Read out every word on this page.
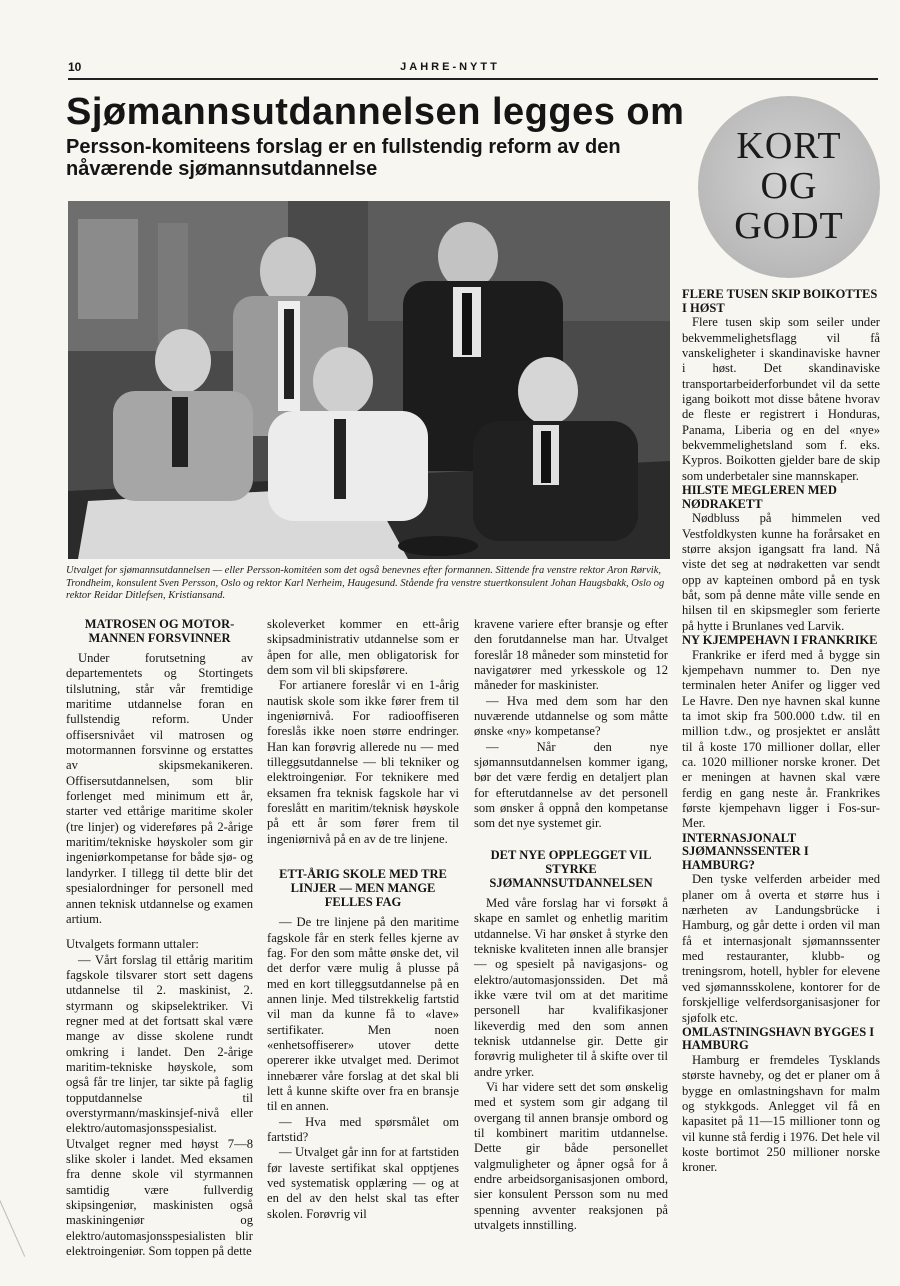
10	JAHRE-NYTT
Sjømannsutdannelsen legges om
Persson-komiteens forslag er en fullstendig reform av den nåværende sjømannsutdannelse

Utvalget for sjømannsutdannelsen — eller Persson-komitéen som det også benevnes efter formannen. Sittende fra venstre rektor Aron Rørvik, Trondheim, konsulent Sven Persson, Oslo og rektor Karl Nerheim, Haugesund. Stående fra venstre stuertkonsulent Johan Haugsbakk, Oslo og rektor Reidar Ditlefsen, Kristiansand.

KORT
OG
GODT
MATROSEN OG MOTOR-MANNEN FORSVINNER

Under forutsetning av departementets og Stortingets tilslutning, står vår fremtidige maritime utdannelse foran en fullstendig reform. Under offisersnivået vil matrosen og motormannen forsvinne og erstattes av skipsmekanikeren. Offisersutdannelsen, som blir forlenget med minimum ett år, starter ved ettårige maritime skoler (tre linjer) og videreføres på 2-årige maritim/tekniske høyskoler som gir ingeniørkompetanse for både sjø- og landyrker. I tillegg til dette blir det spesialordninger for personell med annen teknisk utdannelse og examen artium.

Utvalgets formann uttaler:

— Vårt forslag til ettårig maritim fagskole tilsvarer stort sett dagens utdannelse til 2. maskinist, 2. styrmann og skipselektriker. Vi regner med at det fortsatt skal være mange av disse skolene rundt omkring i landet. Den 2-årige maritim-tekniske høyskole, som også får tre linjer, tar sikte på faglig topputdannelse til overstyrmann/maskinsjef-nivå eller elektro/automasjonsspesialist. Utvalget regner med høyst 7—8 slike skoler i landet. Med eksamen fra denne skole vil styrmannen samtidig være fullverdig skipsingeniør, maskinisten også maskiningeniør og elektro/automasjonsspesialisten blir elektroingeniør. Som toppen på dette

skoleverket kommer en ett-årig skipsadministrativ utdannelse som er åpen for alle, men obligatorisk for dem som vil bli skipsførere.

For artianere foreslår vi en 1-årig nautisk skole som ikke fører frem til ingeniørnivå. For radiooffiseren foreslås ikke noen større endringer. Han kan forøvrig allerede nu — med tilleggsutdannelse — bli tekniker og elektroingeniør. For teknikere med eksamen fra teknisk fagskole har vi foreslått en maritim/teknisk høyskole på ett år som fører frem til ingeniørnivå på en av de tre linjene.

ETT-ÅRIG SKOLE MED TRE LINJER — MEN MANGE FELLES FAG

— De tre linjene på den maritime fagskole får en sterk felles kjerne av fag. For den som måtte ønske det, vil det derfor være mulig å plusse på med en kort tilleggsutdannelse på en annen linje. Med tilstrekkelig fartstid vil man da kunne få to «lave» sertifikater. Men noen «enhetsoffiserer» utover dette opererer ikke utvalget med. Derimot innebærer våre forslag at det skal bli lett å kunne skifte over fra en bransje til en annen.

— Hva med spørsmålet om fartstid?

— Utvalget går inn for at fartstiden før laveste sertifikat skal opptjenes ved systematisk opplæring — og at en del av den helst skal tas efter skolen. Forøvrig vil

kravene variere efter bransje og efter den forutdannelse man har. Utvalget foreslår 18 måneder som minstetid for navigatører med yrkesskole og 12 måneder for maskinister.

— Hva med dem som har den nuværende utdannelse og som måtte ønske «ny» kompetanse?

— Når den nye sjømannsutdannelsen kommer igang, bør det være ferdig en detaljert plan for efterutdannelse av det personell som ønsker å oppnå den kompetanse som det nye systemet gir.

DET NYE OPPLEGGET VIL STYRKE SJØMANNSUTDANNELSEN

Med våre forslag har vi forsøkt å skape en samlet og enhetlig maritim utdannelse. Vi har ønsket å styrke den tekniske kvaliteten innen alle bransjer — og spesielt på navigasjons- og elektro/automasjonssiden. Det må ikke være tvil om at det maritime personell har kvalifikasjoner likeverdig med den som annen teknisk utdannelse gir. Dette gir forøvrig muligheter til å skifte over til andre yrker.

Vi har videre sett det som ønskelig med et system som gir adgang til overgang til annen bransje ombord og til kombinert maritim utdannelse. Dette gir både personellet valgmuligheter og åpner også for å endre arbeidsorganisasjonen ombord, sier konsulent Persson som nu med spenning avventer reaksjonen på utvalgets innstilling.

FLERE TUSEN SKIP BOIKOTTES I HØST

Flere tusen skip som seiler under bekvemmelighetsflagg vil få vanskeligheter i skandinaviske havner i høst. Det skandinaviske transportarbeiderforbundet vil da sette igang boikott mot disse båtene hvorav de fleste er registrert i Honduras, Panama, Liberia og en del «nye» bekvemmelighetsland som f. eks. Kypros. Boikotten gjelder bare de skip som underbetaler sine mannskaper.

HILSTE MEGLEREN MED NØDRAKETT

Nødbluss på himmelen ved Vestfoldkysten kunne ha forårsaket en større aksjon igangsatt fra land. Nå viste det seg at nødraketten var sendt opp av kapteinen ombord på en tysk båt, som på denne måte ville sende en hilsen til en skipsmegler som ferierte på hytte i Brunlanes ved Larvik.

NY KJEMPEHAVN I FRANKRIKE

Frankrike er iferd med å bygge sin kjempehavn nummer to. Den nye terminalen heter Anifer og ligger ved Le Havre. Den nye havnen skal kunne ta imot skip fra 500.000 t.dw. til en million t.dw., og prosjektet er anslått til å koste 170 millioner dollar, eller ca. 1020 millioner norske kroner. Det er meningen at havnen skal være ferdig en gang neste år. Frankrikes første kjempehavn ligger i Fos-sur-Mer.

INTERNASJONALT SJØMANNSSENTER I HAMBURG?

Den tyske velferden arbeider med planer om å overta et større hus i nærheten av Landungsbrücke i Hamburg, og går dette i orden vil man få et internasjonalt sjømannssenter med restauranter, klubb- og treningsrom, hotell, hybler for elevene ved sjømannsskolene, kontorer for de forskjellige velferdsorganisasjoner for sjøfolk etc.

OMLASTNINGSHAVN BYGGES I HAMBURG

Hamburg er fremdeles Tysklands største havneby, og det er planer om å bygge en omlastningshavn for malm og stykkgods. Anlegget vil få en kapasitet på 11—15 millioner tonn og vil kunne stå ferdig i 1976. Det hele vil koste bortimot 250 millioner norske kroner.
